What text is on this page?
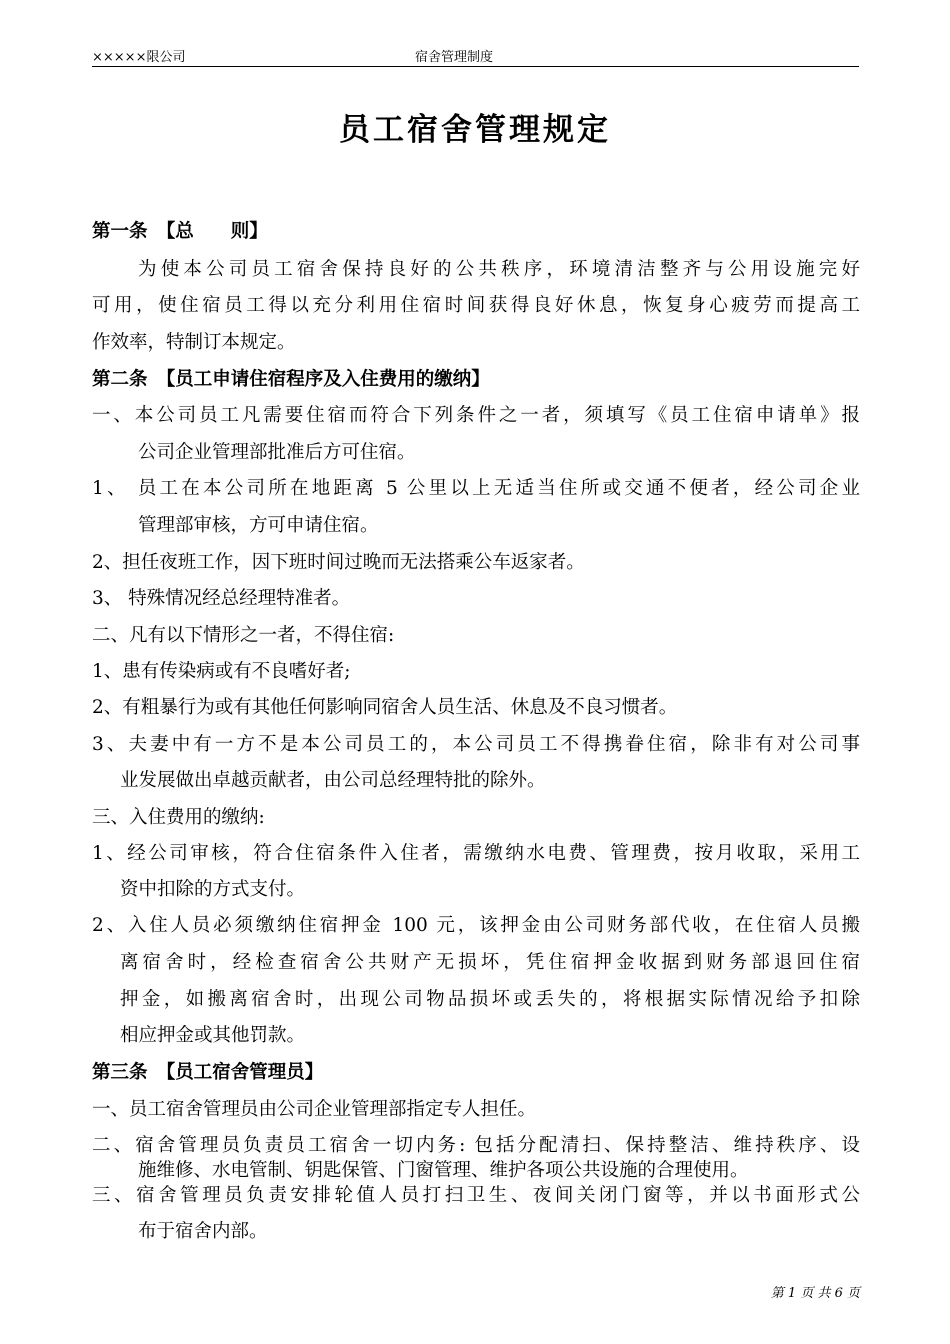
×××××限公司	宿舍管理制度
员工宿舍管理规定
第一条　【总　　则】
为使本公司员工宿舍保持良好的公共秩序，环境清洁整齐与公用设施完好
可用，使住宿员工得以充分利用住宿时间获得良好休息，恢复身心疲劳而提高工
作效率，特制订本规定。
第二条　【员工申请住宿程序及入住费用的缴纳】
一、本公司员工凡需要住宿而符合下列条件之一者，须填写《员工住宿申请单》报
公司企业管理部批准后方可住宿。
1、 员工在本公司所在地距离 5 公里以上无适当住所或交通不便者，经公司企业
管理部审核，方可申请住宿。
2、担任夜班工作，因下班时间过晚而无法搭乘公车返家者。
3、 特殊情况经总经理特准者。
二、凡有以下情形之一者，不得住宿:
1、患有传染病或有不良嗜好者;
2、有粗暴行为或有其他任何影响同宿舍人员生活、休息及不良习惯者。
3、夫妻中有一方不是本公司员工的，本公司员工不得携眷住宿，除非有对公司事
业发展做出卓越贡献者，由公司总经理特批的除外。
三、入住费用的缴纳:
1、经公司审核，符合住宿条件入住者，需缴纳水电费、管理费，按月收取，采用工
资中扣除的方式支付。
2、入住人员必须缴纳住宿押金 100 元，该押金由公司财务部代收，在住宿人员搬
离宿舍时，经检查宿舍公共财产无损坏，凭住宿押金收据到财务部退回住宿
押金，如搬离宿舍时，出现公司物品损坏或丢失的，将根据实际情况给予扣除
相应押金或其他罚款。
第三条　【员工宿舍管理员】
一、员工宿舍管理员由公司企业管理部指定专人担任。
二、宿舍管理员负责员工宿舍一切内务: 包括分配清扫、保持整洁、维持秩序、设
施维修、水电管制、钥匙保管、门窗管理、维护各项公共设施的合理使用。
三、宿舍管理员负责安排轮值人员打扫卫生、夜间关闭门窗等，并以书面形式公
布于宿舍内部。
第 1 页 共 6 页
